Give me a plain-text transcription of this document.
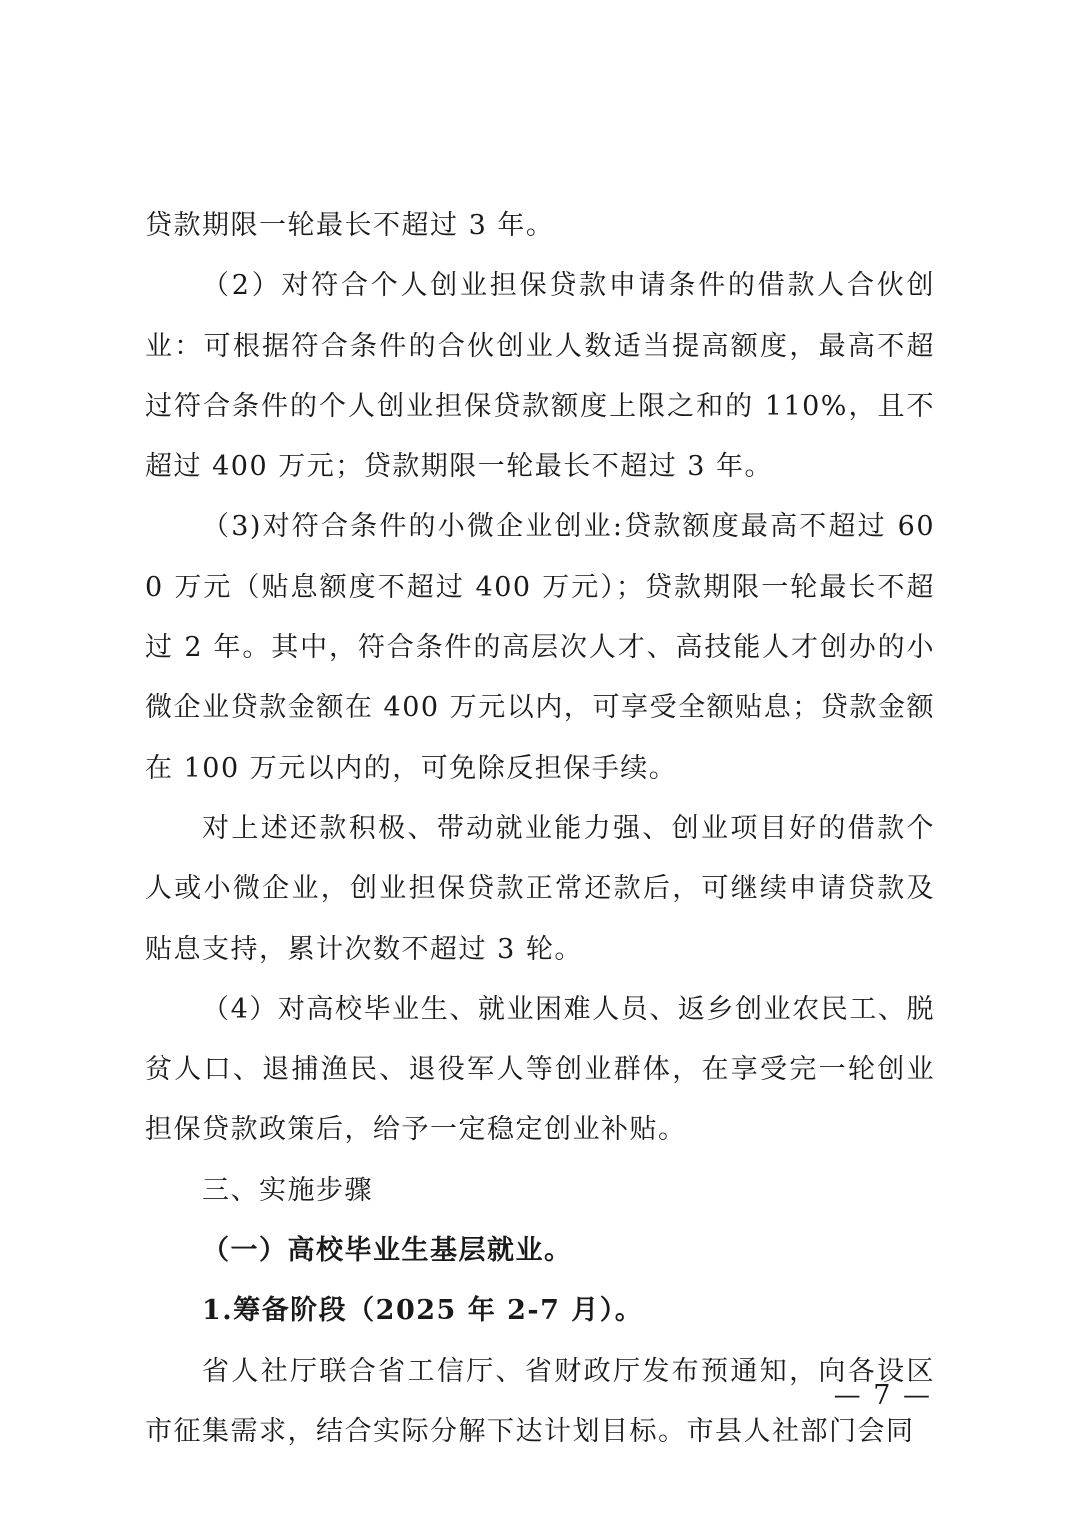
贷款期限一轮最长不超过 3 年。

（2）对符合个人创业担保贷款申请条件的借款人合伙创业：可根据符合条件的合伙创业人数适当提高额度，最高不超过符合条件的个人创业担保贷款额度上限之和的 110%，且不超过 400 万元；贷款期限一轮最长不超过 3 年。

（3)对符合条件的小微企业创业:贷款额度最高不超过 600 万元（贴息额度不超过 400 万元）；贷款期限一轮最长不超过 2 年。其中，符合条件的高层次人才、高技能人才创办的小微企业贷款金额在 400 万元以内，可享受全额贴息；贷款金额在 100 万元以内的，可免除反担保手续。

对上述还款积极、带动就业能力强、创业项目好的借款个人或小微企业，创业担保贷款正常还款后，可继续申请贷款及贴息支持，累计次数不超过 3 轮。

（4）对高校毕业生、就业困难人员、返乡创业农民工、脱贫人口、退捕渔民、退役军人等创业群体，在享受完一轮创业担保贷款政策后，给予一定稳定创业补贴。

三、实施步骤

（一）高校毕业生基层就业。

1.筹备阶段（2025 年 2-7 月）。

省人社厅联合省工信厅、省财政厅发布预通知，向各设区市征集需求，结合实际分解下达计划目标。市县人社部门会同

— 7 —
